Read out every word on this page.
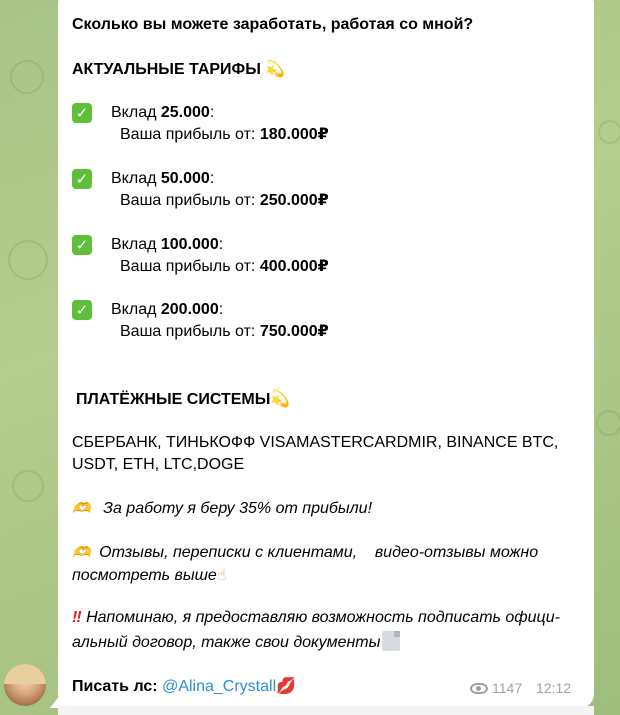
Сколько вы можете заработать, работая со мной?
АКТУАЛЬНЫЕ ТАРИФЫ 💫
✓ Вклад 25.000:
Ваша прибыль от: 180.000₽
✓ Вклад 50.000:
Ваша прибыль от: 250.000₽
✓ Вклад 100.000:
Ваша прибыль от: 400.000₽
✓ Вклад 200.000:
Ваша прибыль от: 750.000₽
ПЛАТЁЖНЫЕ СИСТЕМЫ💫
СБЕРБАНК, ТИНЬКОФФ VISAMASTERCARDMIR, BINANCE BTC,
USDT, ETH, LTC,DOGE
🫶 За работу я беру 35% от прибыли!
🫶 Отзывы, переписки с клиентами,    видео-отзывы можно
посмотреть выше☝
‼ Напоминаю, я предоставляю возможность подписать офици-
альный договор, также свои документы
Писать лс: @Alina_Crystall💋	1147 12:12
